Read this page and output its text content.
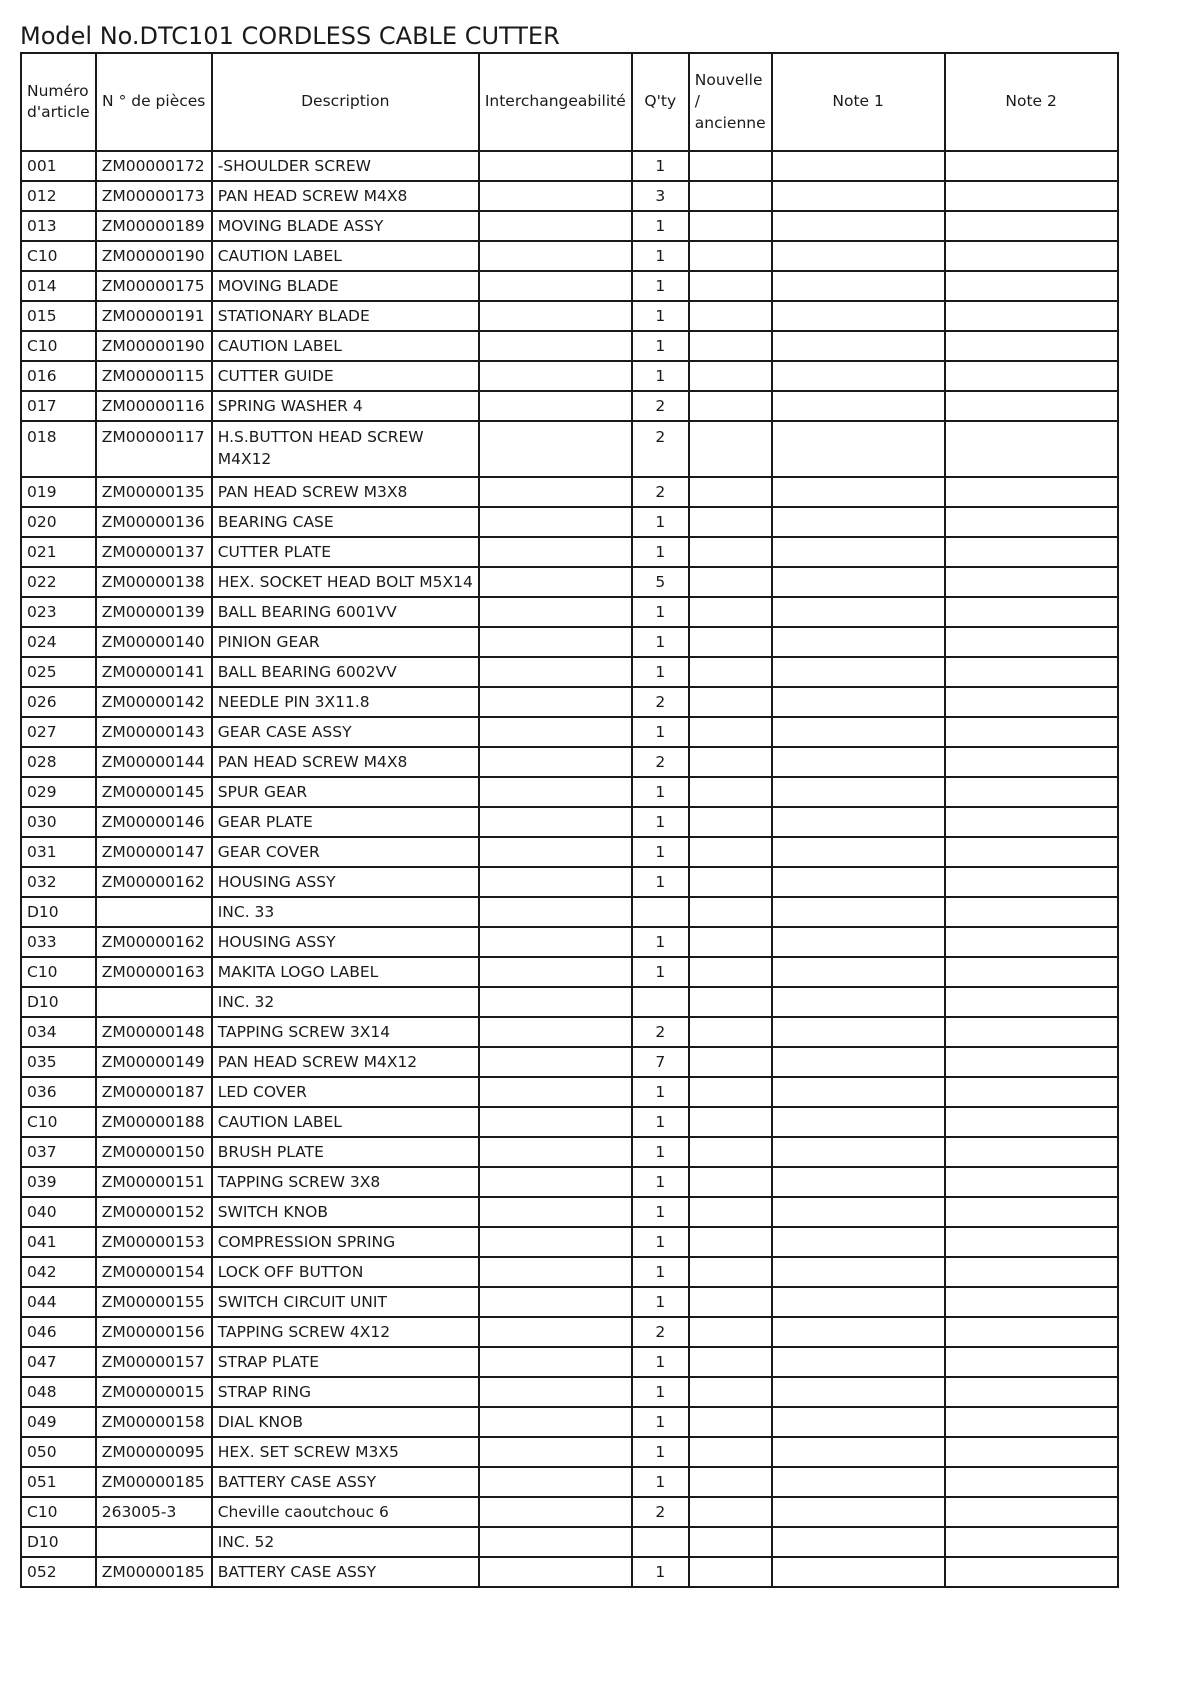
Model No.DTC101 CORDLESS CABLE CUTTER
Numéro d'article	N ° de pièces	Description	Interchangeabilité	Q'ty	Nouvelle / ancienne	Note 1	Note 2
001	ZM00000172	-SHOULDER SCREW		1			
012	ZM00000173	PAN HEAD SCREW M4X8		3			
013	ZM00000189	MOVING BLADE ASSY		1			
C10	ZM00000190	CAUTION LABEL		1			
014	ZM00000175	MOVING BLADE		1			
015	ZM00000191	STATIONARY BLADE		1			
C10	ZM00000190	CAUTION LABEL		1			
016	ZM00000115	CUTTER GUIDE		1			
017	ZM00000116	SPRING WASHER 4		2			
018	ZM00000117	H.S.BUTTON HEAD SCREW M4X12		2			
019	ZM00000135	PAN HEAD SCREW M3X8		2			
020	ZM00000136	BEARING CASE		1			
021	ZM00000137	CUTTER PLATE		1			
022	ZM00000138	HEX. SOCKET HEAD BOLT M5X14		5			
023	ZM00000139	BALL BEARING 6001VV		1			
024	ZM00000140	PINION GEAR		1			
025	ZM00000141	BALL BEARING 6002VV		1			
026	ZM00000142	NEEDLE PIN 3X11.8		2			
027	ZM00000143	GEAR CASE ASSY		1			
028	ZM00000144	PAN HEAD SCREW M4X8		2			
029	ZM00000145	SPUR GEAR		1			
030	ZM00000146	GEAR PLATE		1			
031	ZM00000147	GEAR COVER		1			
032	ZM00000162	HOUSING ASSY		1			
D10		INC. 33					
033	ZM00000162	HOUSING ASSY		1			
C10	ZM00000163	MAKITA LOGO LABEL		1			
D10		INC. 32					
034	ZM00000148	TAPPING SCREW 3X14		2			
035	ZM00000149	PAN HEAD SCREW M4X12		7			
036	ZM00000187	LED COVER		1			
C10	ZM00000188	CAUTION LABEL		1			
037	ZM00000150	BRUSH PLATE		1			
039	ZM00000151	TAPPING SCREW 3X8		1			
040	ZM00000152	SWITCH KNOB		1			
041	ZM00000153	COMPRESSION SPRING		1			
042	ZM00000154	LOCK OFF BUTTON		1			
044	ZM00000155	SWITCH CIRCUIT UNIT		1			
046	ZM00000156	TAPPING SCREW 4X12		2			
047	ZM00000157	STRAP PLATE		1			
048	ZM00000015	STRAP RING		1			
049	ZM00000158	DIAL KNOB		1			
050	ZM00000095	HEX. SET SCREW M3X5		1			
051	ZM00000185	BATTERY CASE ASSY		1			
C10	263005-3	Cheville caoutchouc 6		2			
D10		INC. 52					
052	ZM00000185	BATTERY CASE ASSY		1			
